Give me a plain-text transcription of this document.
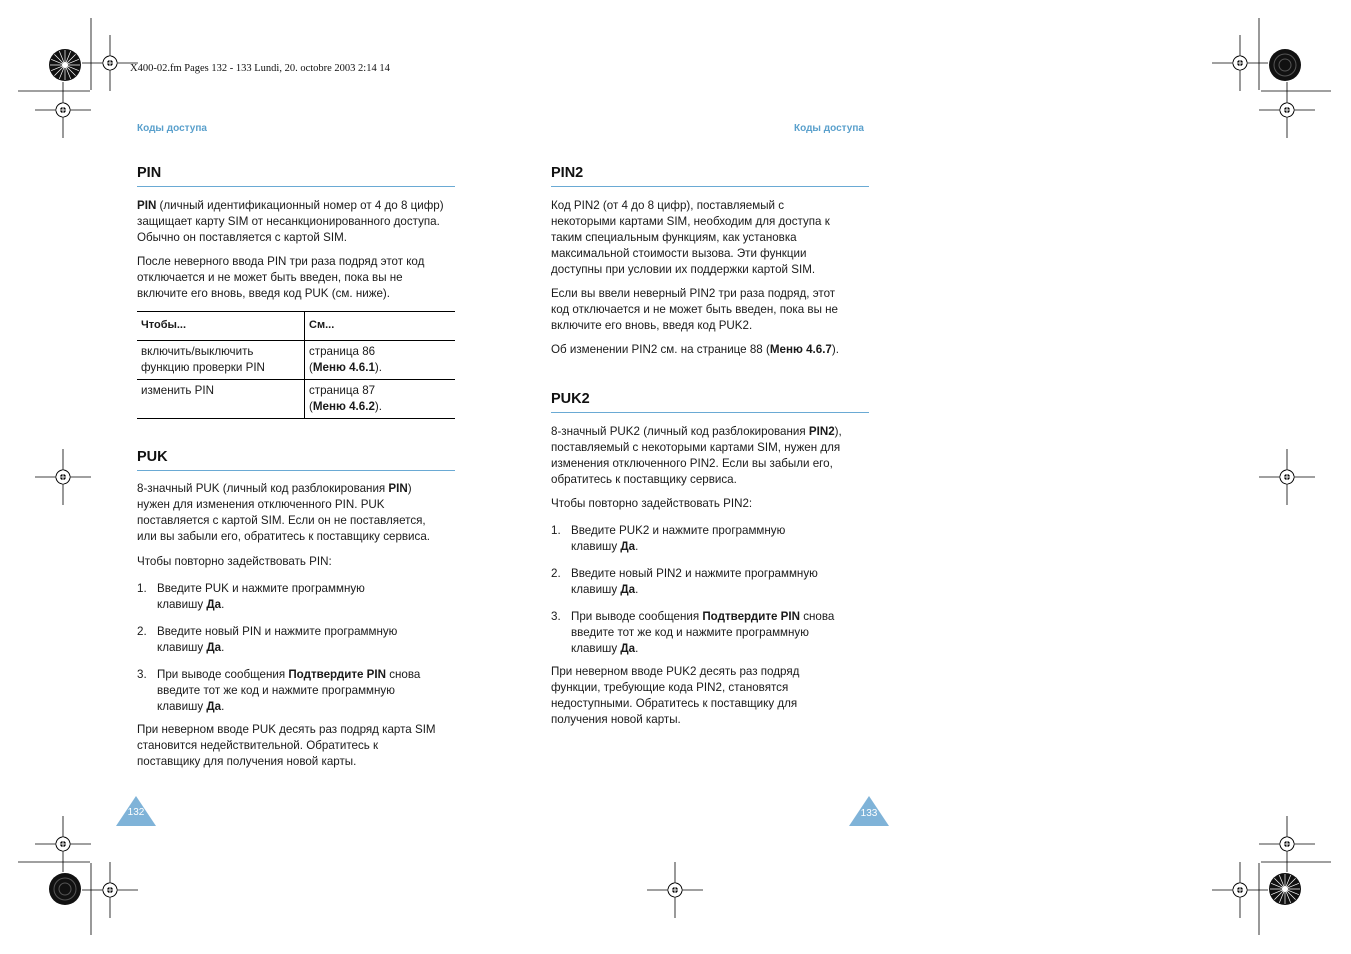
X400-02.fm Pages 132 - 133 Lundi, 20. octobre 2003 2:14 14
Коды доступа	Коды доступа
PIN

PIN (личный идентификационный номер от 4 до 8 цифр)
защищает карту SIM от несанкционированного доступа.
Обычно он поставляется с картой SIM.

После неверного ввода PIN три раза подряд этот код
отключается и не может быть введен, пока вы не
включите его вновь, введя код PUK (см. ниже).

Чтобы...	См...
включить/выключить
функцию проверки PIN	страница 86
(Меню 4.6.1).
изменить PIN	страница 87
(Меню 4.6.2).
PUK

8-значный PUK (личный код разблокирования PIN)
нужен для изменения отключенного PIN. PUK
поставляется с картой SIM. Если он не поставляется,
или вы забыли его, обратитесь к поставщику сервиса.

Чтобы повторно задействовать PIN:

1. Введите PUK и нажмите программную
клавишу Да.
2. Введите новый PIN и нажмите программную
клавишу Да.
3. При выводе сообщения Подтвердите PIN снова
введите тот же код и нажмите программную
клавишу Да.

При неверном вводе PUK десять раз подряд карта SIM
становится недействительной. Обратитесь к
поставщику для получения новой карты.

132
PIN2

Код PIN2 (от 4 до 8 цифр), поставляемый с
некоторыми картами SIM, необходим для доступа к
таким специальным функциям, как установка
максимальной стоимости вызова. Эти функции
доступны при условии их поддержки картой SIM.

Если вы ввели неверный PIN2 три раза подряд, этот
код отключается и не может быть введен, пока вы не
включите его вновь, введя код PUK2.

Об изменении PIN2 см. на странице 88 (Меню 4.6.7).

PUK2

8-значный PUK2 (личный код разблокирования PIN2),
поставляемый с некоторыми картами SIM, нужен для
изменения отключенного PIN2. Если вы забыли его,
обратитесь к поставщику сервиса.

Чтобы повторно задействовать PIN2:

1. Введите PUK2 и нажмите программную
клавишу Да.
2. Введите новый PIN2 и нажмите программную
клавишу Да.
3. При выводе сообщения Подтвердите PIN снова
введите тот же код и нажмите программную
клавишу Да.

При неверном вводе PUK2 десять раз подряд
функции, требующие кода PIN2, становятся
недоступными. Обратитесь к поставщику для
получения новой карты.

133
